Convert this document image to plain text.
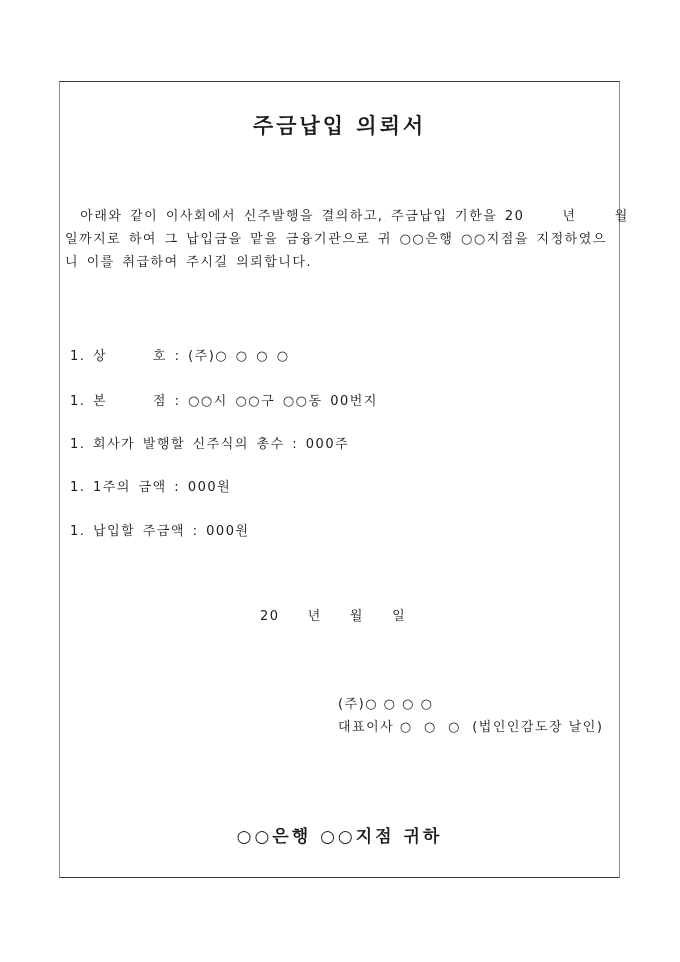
주금납입 의뢰서
아래와 같이 이사회에서 신주발행을 결의하고, 주금납입 기한을 20     년     월
일까지로 하여 그 납입금을 맡을 금융기관으로 귀 ○○은행 ○○지점을 지정하였으
니 이를 취급하여 주시길 의뢰합니다.
1. 상      호 : (주)○ ○ ○ ○
1. 본      점 : ○○시 ○○구 ○○동 00번지
1. 회사가 발행할 신주식의 총수 : 000주
1. 1주의 금액 : 000원
1. 납입할 주금액 : 000원
20     년     월     일
(주)○ ○ ○ ○
대표이사 ○  ○  ○  (법인인감도장 날인)
○○은행 ○○지점 귀하
